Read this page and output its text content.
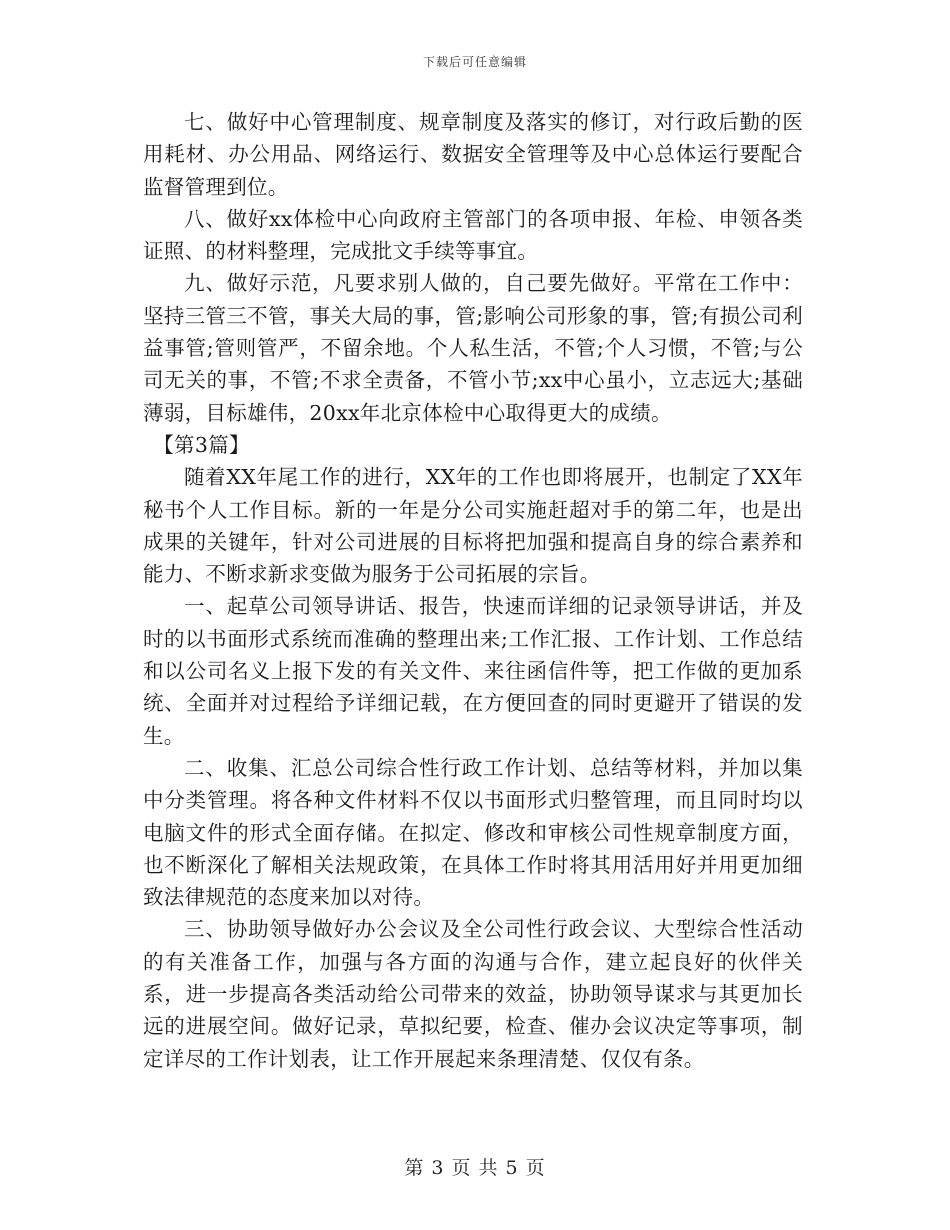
下载后可任意编辑

七、做好中心管理制度、规章制度及落实的修订，对行政后勤的医用耗材、办公用品、网络运行、数据安全管理等及中心总体运行要配合监督管理到位。

八、做好xx体检中心向政府主管部门的各项申报、年检、申领各类证照、的材料整理，完成批文手续等事宜。

九、做好示范，凡要求别人做的，自己要先做好。平常在工作中：坚持三管三不管，事关大局的事，管;影响公司形象的事，管;有损公司利益事管;管则管严，不留余地。个人私生活，不管;个人习惯，不管;与公司无关的事，不管;不求全责备，不管小节;xx中心虽小，立志远大;基础薄弱，目标雄伟，20xx年北京体检中心取得更大的成绩。

【第3篇】

随着XX年尾工作的进行，XX年的工作也即将展开，也制定了XX年秘书个人工作目标。新的一年是分公司实施赶超对手的第二年，也是出成果的关键年，针对公司进展的目标将把加强和提高自身的综合素养和能力、不断求新求变做为服务于公司拓展的宗旨。

一、起草公司领导讲话、报告，快速而详细的记录领导讲话，并及时的以书面形式系统而准确的整理出来;工作汇报、工作计划、工作总结和以公司名义上报下发的有关文件、来往函信件等，把工作做的更加系统、全面并对过程给予详细记载，在方便回查的同时更避开了错误的发生。

二、收集、汇总公司综合性行政工作计划、总结等材料，并加以集中分类管理。将各种文件材料不仅以书面形式归整管理，而且同时均以电脑文件的形式全面存储。在拟定、修改和审核公司性规章制度方面，也不断深化了解相关法规政策，在具体工作时将其用活用好并用更加细致法律规范的态度来加以对待。

三、协助领导做好办公会议及全公司性行政会议、大型综合性活动的有关准备工作，加强与各方面的沟通与合作，建立起良好的伙伴关系，进一步提高各类活动给公司带来的效益，协助领导谋求与其更加长远的进展空间。做好记录，草拟纪要，检查、催办会议决定等事项，制定详尽的工作计划表，让工作开展起来条理清楚、仅仅有条。

第 3 页 共 5 页
